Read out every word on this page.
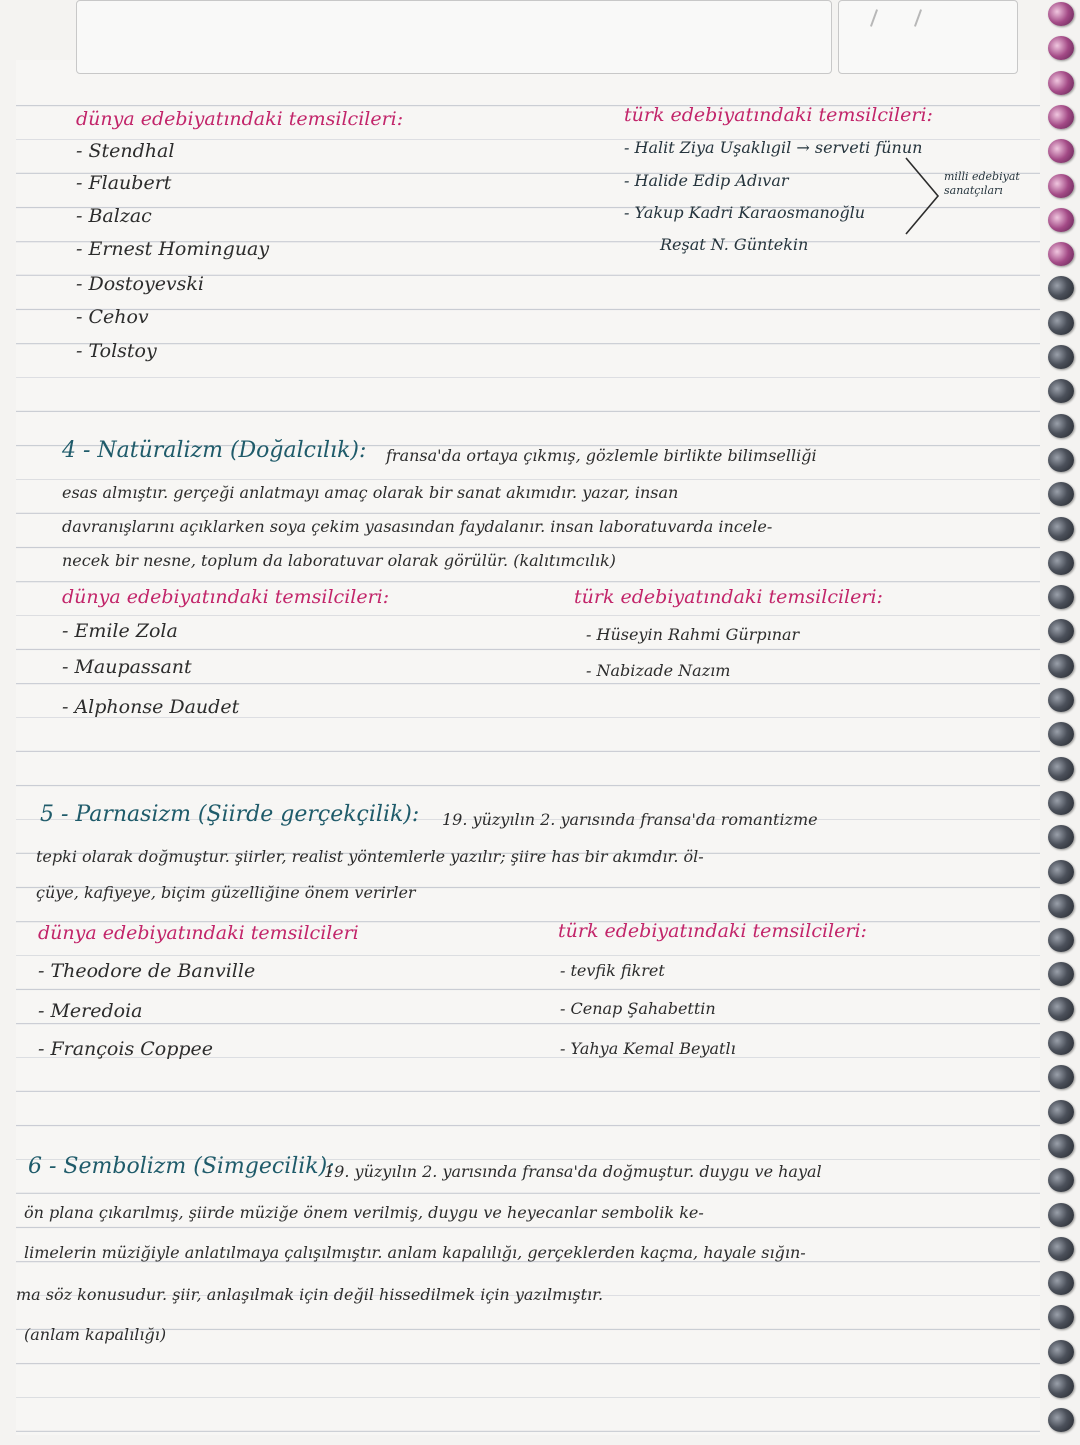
dünya edebiyatındaki temsilcileri:
- Stendhal
- Flaubert
- Balzac
- Ernest Hominguay
- Dostoyevski
- Cehov
- Tolstoy
türk edebiyatındaki temsilcileri:
- Halit Ziya Uşaklıgil → serveti fünun
- Halide Edip Adıvar
- Yakup Kadri Karaosmanoğlu
Reşat N. Güntekin
milli edebiyat sanatçıları
4 - Natüralizm (Doğalcılık): fransa'da ortaya çıkmış, gözlemle birlikte bilimselliği
esas almıştır. gerçeği anlatmayı amaç olarak bir sanat akımıdır. yazar, insan
davranışlarını açıklarken soya çekim yasasından faydalanır. insan laboratuvarda incele-
necek bir nesne, toplum da laboratuvar olarak görülür. (kalıtımcılık)
dünya edebiyatındaki temsilcileri:
- Emile Zola
- Maupassant
- Alphonse Daudet
türk edebiyatındaki temsilcileri:
- Hüseyin Rahmi Gürpınar
- Nabizade Nazım
5 - Parnasizm (Şiirde gerçekçilik): 19. yüzyılın 2. yarısında fransa'da romantizme
tepki olarak doğmuştur. şiirler, realist yöntemlerle yazılır; şiire has bir akımdır. öl-
çüye, kafiyeye, biçim güzelliğine önem verirler
dünya edebiyatındaki temsilcileri
- Theodore de Banville
- Meredoia
- François Coppee
türk edebiyatındaki temsilcileri:
- tevfik fikret
- Cenap Şahabettin
- Yahya Kemal Beyatlı
6 - Sembolizm (Simgecilik):
19. yüzyılın 2. yarısında fransa'da doğmuştur. duygu ve hayal
ön plana çıkarılmış, şiirde müziğe önem verilmiş, duygu ve heyecanlar sembolik ke-
limelerin müziğiyle anlatılmaya çalışılmıştır. anlam kapalılığı, gerçeklerden kaçma, hayale sığın-
ma söz konusudur. şiir, anlaşılmak için değil hissedilmek için yazılmıştır.
(anlam kapalılığı)
